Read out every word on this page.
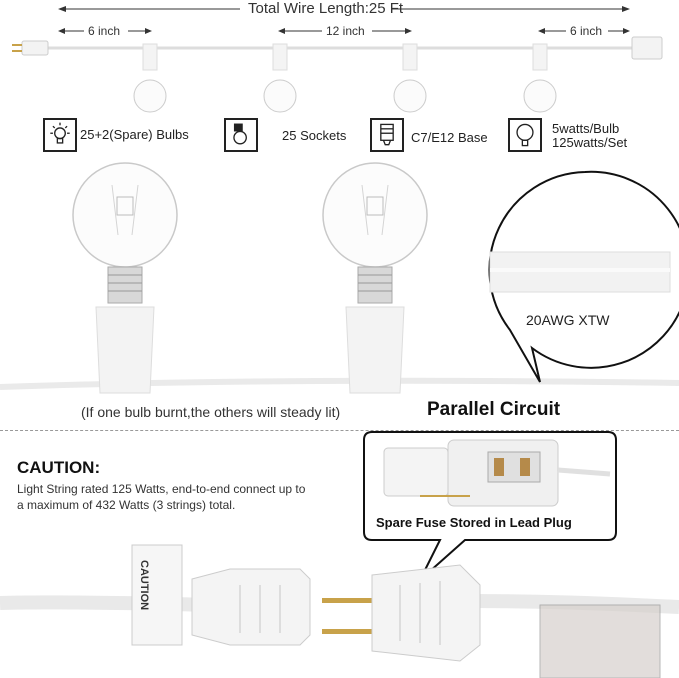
Total Wire Length:25 Ft
6 inch	12 inch	6 inch
25+2(Spare) Bulbs	25 Sockets	C7/E12 Base
5watts/Bulb
125watts/Set
20AWG XTW
(If one bulb burnt,the others will steady lit)	Parallel Circuit
CAUTION:
Light String rated 125 Watts, end-to-end connect up to
a maximum of 432 Watts (3 strings) total.
Spare Fuse Stored in Lead Plug
CAUTION
